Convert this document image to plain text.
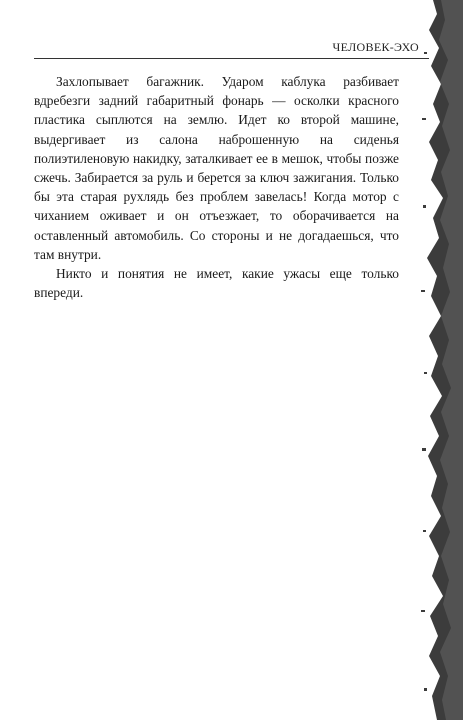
ЧЕЛОВЕК-ЭХО

Захлопывает багажник. Ударом каблука разбивает вдребезги задний габаритный фонарь — осколки красного пластика сыплются на землю. Идет ко второй машине, выдергивает из салона наброшенную на сиденья полиэтиленовую накидку, заталкивает ее в мешок, чтобы позже сжечь. Забирается за руль и берется за ключ зажигания. Только бы эта старая рухлядь без проблем завелась! Когда мотор с чиханием оживает и он отъезжает, то оборачивается на оставленный автомобиль. Со стороны и не догадаешься, что там внутри.

Никто и понятия не имеет, какие ужасы еще только впереди.
